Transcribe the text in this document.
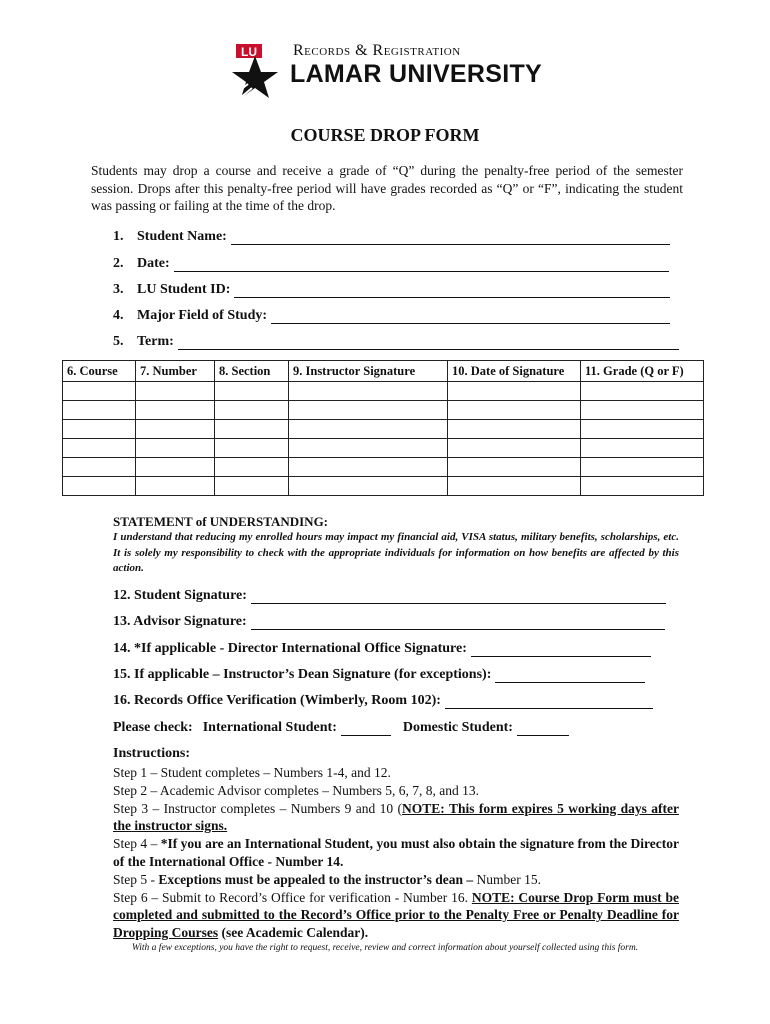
LU Records & Registration
LAMAR UNIVERSITY
COURSE DROP FORM
Students may drop a course and receive a grade of “Q” during the penalty-free period of the semester session. Drops after this penalty-free period will have grades recorded as “Q” or “F”, indicating the student was passing or failing at the time of the drop.
1. Student Name:
2. Date:
3. LU Student ID:
4. Major Field of Study:
5. Term:
6. Course	7. Number	8. Section	9. Instructor Signature	10. Date of Signature	11. Grade (Q or F)

STATEMENT of UNDERSTANDING:
I understand that reducing my enrolled hours may impact my financial aid, VISA status, military benefits, scholarships, etc. It is solely my responsibility to check with the appropriate individuals for information on how benefits are affected by this action.
12. Student Signature:
13. Advisor Signature:
14. *If applicable - Director International Office Signature:
15. If applicable – Instructor’s Dean Signature (for exceptions):
16. Records Office Verification (Wimberly, Room 102):
Please check: International Student:	Domestic Student:
Instructions:

Step 1 – Student completes – Numbers 1-4, and 12.

Step 2 – Academic Advisor completes – Numbers 5, 6, 7, 8, and 13.

Step 3 – Instructor completes – Numbers 9 and 10 (NOTE: This form expires 5 working days after the instructor signs.

Step 4 – *If you are an International Student, you must also obtain the signature from the Director of the International Office - Number 14.

Step 5 - Exceptions must be appealed to the instructor’s dean – Number 15.

Step 6 – Submit to Record’s Office for verification - Number 16. NOTE: Course Drop Form must be completed and submitted to the Record’s Office prior to the Penalty Free or Penalty Deadline for Dropping Courses (see Academic Calendar).

With a few exceptions, you have the right to request, receive, review and correct information about yourself collected using this form.
